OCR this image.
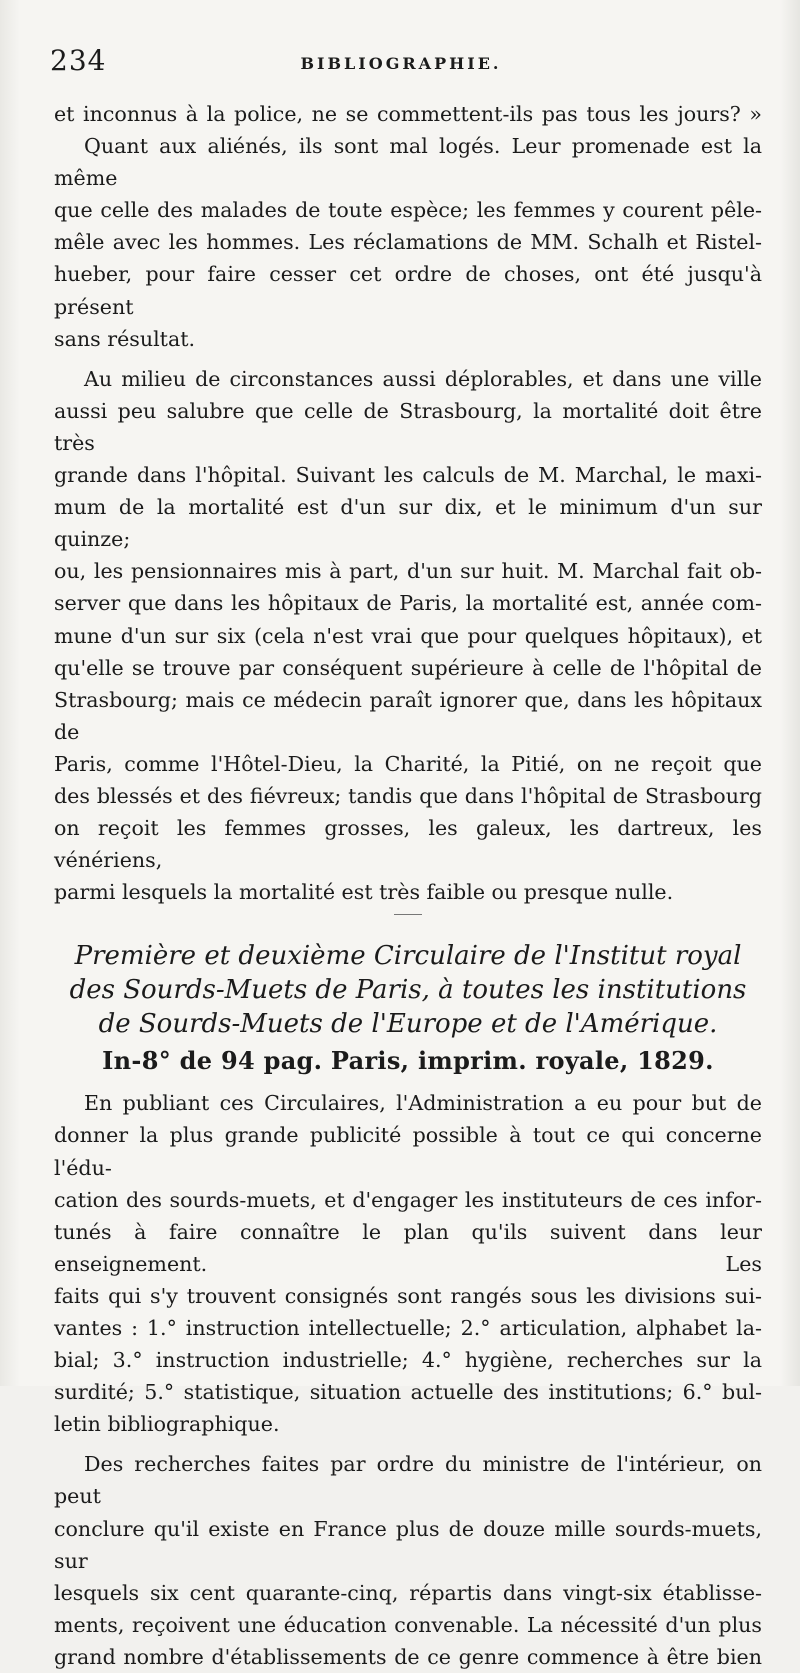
234	BIBLIOGRAPHIE.

et inconnus à la police, ne se commettent-ils pas tous les jours? »
Quant aux aliénés, ils sont mal logés. Leur promenade est la même
que celle des malades de toute espèce; les femmes y courent pêle-
mêle avec les hommes. Les réclamations de MM. Schalh et Ristel-
hueber, pour faire cesser cet ordre de choses, ont été jusqu'à présent
sans résultat.

Au milieu de circonstances aussi déplorables, et dans une ville
aussi peu salubre que celle de Strasbourg, la mortalité doit être très
grande dans l'hôpital. Suivant les calculs de M. Marchal, le maxi-
mum de la mortalité est d'un sur dix, et le minimum d'un sur quinze;
ou, les pensionnaires mis à part, d'un sur huit. M. Marchal fait ob-
server que dans les hôpitaux de Paris, la mortalité est, année com-
mune d'un sur six (cela n'est vrai que pour quelques hôpitaux), et
qu'elle se trouve par conséquent supérieure à celle de l'hôpital de
Strasbourg; mais ce médecin paraît ignorer que, dans les hôpitaux de
Paris, comme l'Hôtel-Dieu, la Charité, la Pitié, on ne reçoit que
des blessés et des fiévreux; tandis que dans l'hôpital de Strasbourg
on reçoit les femmes grosses, les galeux, les dartreux, les vénériens,
parmi lesquels la mortalité est très faible ou presque nulle.

Première et deuxième Circulaire de l'Institut royal
des Sourds-Muets de Paris, à toutes les institutions
de Sourds-Muets de l'Europe et de l'Amérique.

In-8° de 94 pag. Paris, imprim. royale, 1829.

En publiant ces Circulaires, l'Administration a eu pour but de
donner la plus grande publicité possible à tout ce qui concerne l'édu-
cation des sourds-muets, et d'engager les instituteurs de ces infor-
tunés à faire connaître le plan qu'ils suivent dans leur enseignement. Les
faits qui s'y trouvent consignés sont rangés sous les divisions sui-
vantes : 1.° instruction intellectuelle; 2.° articulation, alphabet la-
bial; 3.° instruction industrielle; 4.° hygiène, recherches sur la
surdité; 5.° statistique, situation actuelle des institutions; 6.° bul-
letin bibliographique.

Des recherches faites par ordre du ministre de l'intérieur, on peut
conclure qu'il existe en France plus de douze mille sourds-muets, sur
lesquels six cent quarante-cinq, répartis dans vingt-six établisse-
ments, reçoivent une éducation convenable. La nécessité d'un plus
grand nombre d'établissements de ce genre commence à être bien
